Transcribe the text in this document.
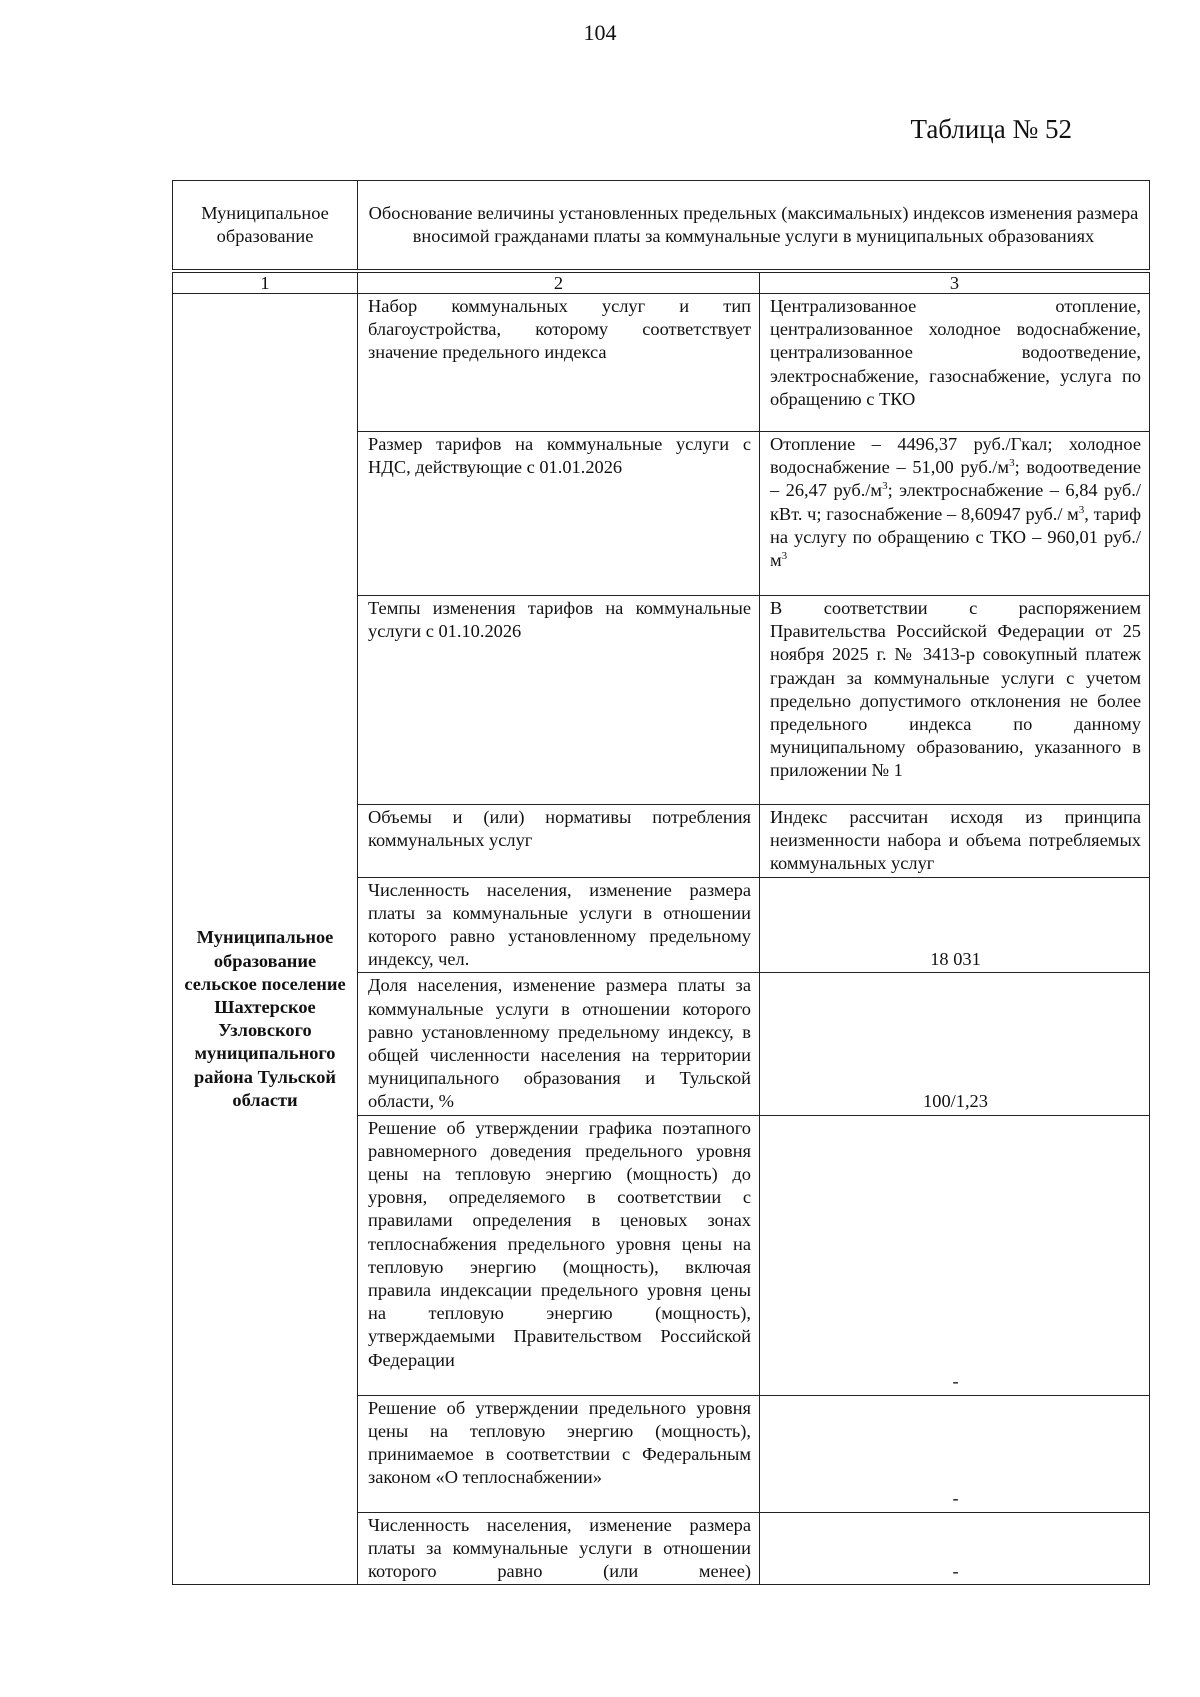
104
Таблица № 52
Муниципальное образование	Обоснование величины установленных предельных (максимальных) индексов изменения размера вносимой гражданами платы за коммунальные услуги в муниципальных образованиях
1	2	3

Муниципальное образование сельское поселение Шахтерское Узловского муниципального района Тульской области	Набор коммунальных услуг и тип благоустройства, которому соответствует значение предельного индекса	Централизованное отопление, централизованное холодное водоснабжение, централизованное водоотведение, электроснабжение, газоснабжение, услуга по обращению с ТКО
	Размер тарифов на коммунальные услуги с НДС, действующие с 01.01.2026	Отопление – 4496,37 руб./Гкал; холодное водоснабжение – 51,00 $руб./м^3$; водоотведение – 26,47 $руб./м^3$; электроснабжение – 6,84 руб./кВт. ч; газоснабжение – 8,60947 руб./ $м^3$, тариф на услугу по обращению с ТКО – 960,01 $руб./м^3$
	Темпы изменения тарифов на коммунальные услуги с 01.10.2026	В соответствии с распоряжением Правительства Российской Федерации от 25 ноября 2025 г. № 3413-р совокупный платеж граждан за коммунальные услуги с учетом предельно допустимого отклонения не более предельного индекса по данному муниципальному образованию, указанного в приложении № 1
	Объемы и (или) нормативы потребления коммунальных услуг	Индекс рассчитан исходя из принципа неизменности набора и объема потребляемых коммунальных услуг
	Численность населения, изменение размера платы за коммунальные услуги в отношении которого равно установленному предельному индексу, чел.	18 031
	Доля населения, изменение размера платы за коммунальные услуги в отношении которого равно установленному предельному индексу, в общей численности населения на территории муниципального образования и Тульской области, %	100/1,23
	Решение об утверждении графика поэтапного равномерного доведения предельного уровня цены на тепловую энергию (мощность) до уровня, определяемого в соответствии с правилами определения в ценовых зонах теплоснабжения предельного уровня цены на тепловую энергию (мощность), включая правила индексации предельного уровня цены на тепловую энергию (мощность), утверждаемыми Правительством Российской Федерации	-
	Решение об утверждении предельного уровня цены на тепловую энергию (мощность), принимаемое в соответствии с Федеральным законом «О теплоснабжении»	-
	Численность населения, изменение размера платы за коммунальные услуги в отношении которого равно (или менее)	-
